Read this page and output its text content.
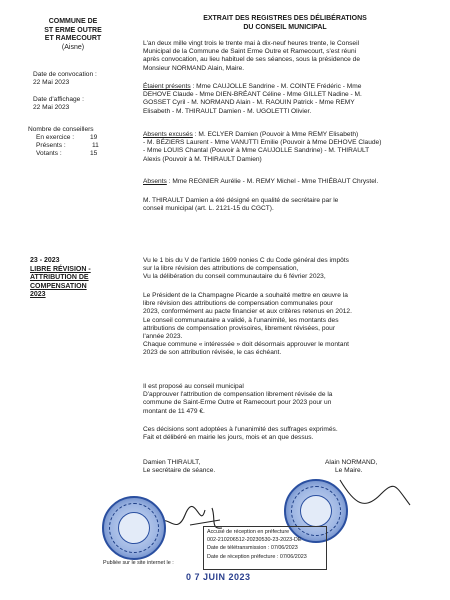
COMMUNE DE
ST ERME OUTRE
ET RAMECOURT
(Aisne)
EXTRAIT DES REGISTRES DES DÉLIBÉRATIONS
DU CONSEIL MUNICIPAL
Date de convocation :
22 Mai 2023
Date d'affichage :
22 Mai 2023
Nombre de conseillers
En exercice : 19
Présents :	11
Votants :	15
23 - 2023
LIBRE RÉVISION -
ATTRIBUTION DE
COMPENSATION
2023
L'an deux mille vingt trois le trente mai à dix-neuf heures trente, le Conseil
Municipal de la Commune de Saint Erme Outre et Ramecourt, s'est réuni
après convocation, au lieu habituel de ses séances, sous la présidence de
Monsieur NORMAND Alain, Maire.
Étaient présents : Mme CAUJOLLE Sandrine - M. COINTE Frédéric - Mme
DEHOVE Claude - Mme DIEN-BRÉANT Céline - Mme GILLET Nadine - M.
GOSSET Cyril - M. NORMAND Alain - M. RAOUIN Patrick - Mme REMY
Elisabeth - M. THIRAULT Damien - M. UGOLETTI Olivier.
Absents excusés : M. ECLYER Damien (Pouvoir à Mme REMY Elisabeth)
- M. BÉZIERS Laurent - Mme VANUTTI Emilie (Pouvoir à Mme DEHOVE Claude)
- Mme LOUIS Chantal (Pouvoir à Mme CAUJOLLE Sandrine) - M. THIRAULT
Alexis (Pouvoir à M. THIRAULT Damien)
Absents : Mme REGNIER Aurélie - M. REMY Michel - Mme THIÉBAUT Chrystel.
M. THIRAULT Damien a été désigné en qualité de secrétaire par le
conseil municipal (art. L. 2121-15 du CGCT).
Vu le 1 bis du V de l'article 1609 nonies C du Code général des impôts
sur la libre révision des attributions de compensation,
Vu la délibération du conseil communautaire du 6 février 2023,
Le Président de la Champagne Picarde a souhaité mettre en œuvre la
libre révision des attributions de compensation communales pour
2023, conformément au pacte financier et aux critères retenus en 2012.
Le conseil communautaire a validé, à l'unanimité, les montants des
attributions de compensation provisoires, librement révisées, pour
l'année 2023.
Chaque commune « intéressée » doit désormais approuver le montant
2023 de son attribution révisée, le cas échéant.
Il est proposé au conseil municipal
D'approuver l'attribution de compensation librement révisée de la
commune de Saint-Erme Outre et Ramecourt pour 2023 pour un
montant de 11 479 €.
Ces décisions sont adoptées à l'unanimité des suffrages exprimés.
Fait et délibéré en mairie les jours, mois et an que dessus.
Damien THIRAULT,
Le secrétaire de séance.
Alain NORMAND,
Le Maire.
Publiée sur le site internet le :
Accusé de réception en préfecture
002-210206512-20230530-23-2023-DE
Date de télétransmission : 07/06/2023
Date de réception préfecture : 07/06/2023
0 7 JUIN 2023
